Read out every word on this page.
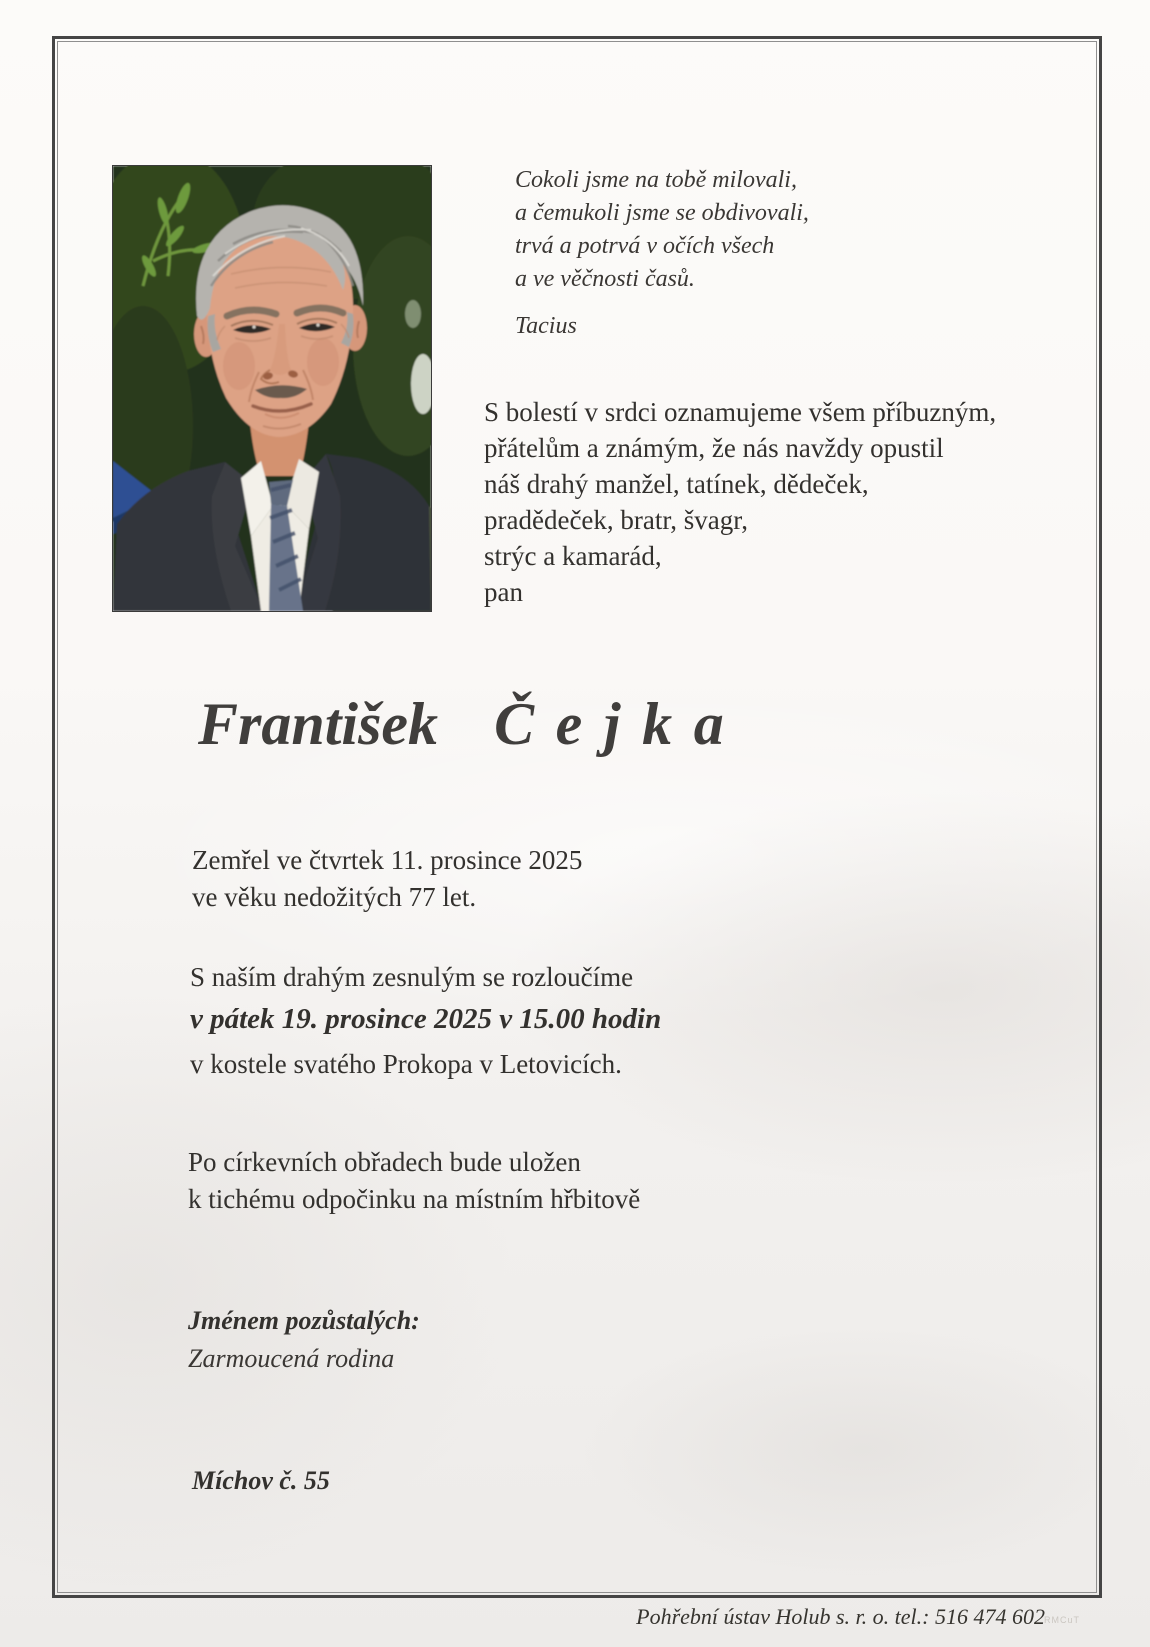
Cokoli jsme na tobě milovali,
a čemukoli jsme se obdivovali,
trvá a potrvá v očích všech
a ve věčnosti časů.
Tacius
S bolestí v srdci oznamujeme všem příbuzným,
přátelům a známým, že nás navždy opustil
náš drahý manžel, tatínek, dědeček,
pradědeček, bratr, švagr,
strýc a kamarád,
pan
František Čejka
Zemřel ve čtvrtek 11. prosince 2025
ve věku nedožitých 77 let.
S naším drahým zesnulým se rozloučíme
v pátek 19. prosince 2025 v 15.00 hodin
v kostele svatého Prokopa v Letovicích.
Po církevních obřadech bude uložen
k tichému odpočinku na místním hřbitově
Jménem pozůstalých:
Zarmoucená rodina
Míchov č. 55
Pohřební ústav Holub s. r. o. tel.: 516 474 602 RMCuT
